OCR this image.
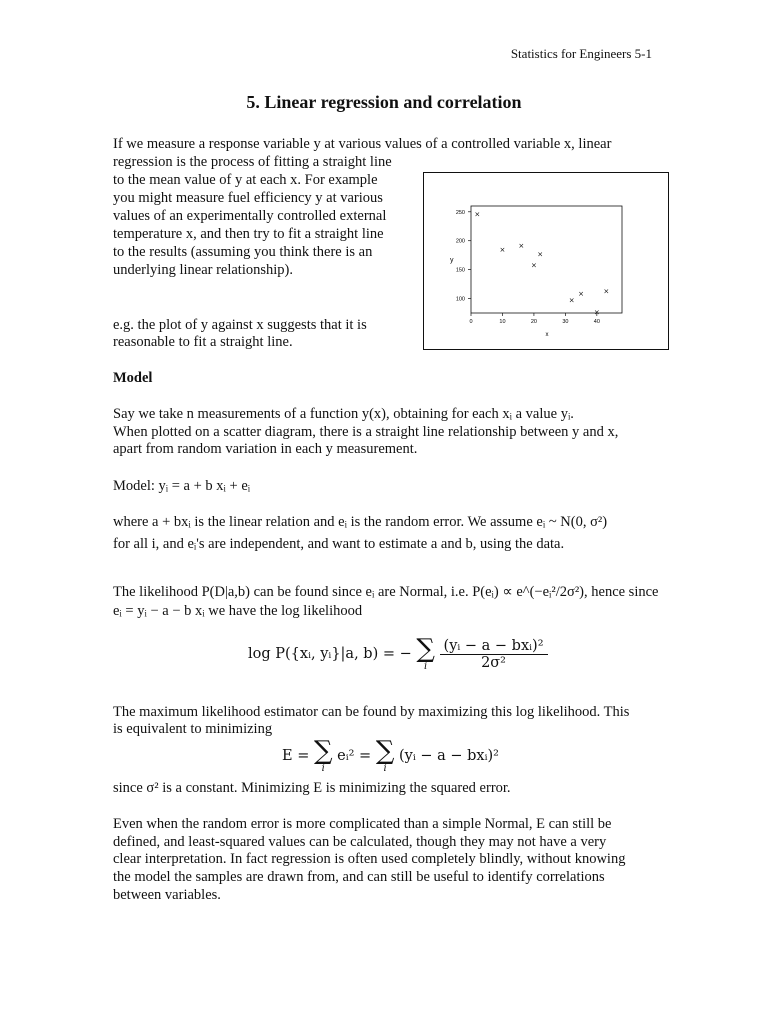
Statistics for Engineers 5-1
5. Linear regression and correlation
If we measure a response variable y at various values of a controlled variable x, linear
regression is the process of fitting a straight line
to the mean value of y at each x. For example
you might measure fuel efficiency y at various
values of an experimentally controlled external
temperature x, and then try to fit a straight line
to the results (assuming you think there is an
underlying linear relationship).
e.g. the plot of y against x suggests that it is
reasonable to fit a straight line.
0	10	20	30	40
100
150
200
250 ×
×
×
×
×
×
×
×
×
y
x
Model
Say we take n measurements of a function y(x), obtaining for each xᵢ a value yᵢ.
When plotted on a scatter diagram, there is a straight line relationship between y and x,
apart from random variation in each y measurement.
Model: yᵢ = a + b xᵢ + eᵢ
where a + bxᵢ is the linear relation and eᵢ is the random error. We assume eᵢ ~ N(0, σ²)
for all i, and eᵢ's are independent, and want to estimate a and b, using the data.
The likelihood P(D|a,b) can be found since eᵢ are Normal, i.e. P(eᵢ) ∝ e^(−eᵢ²/2σ²), hence since
eᵢ = yᵢ − a − b xᵢ we have the log likelihood
log P({xᵢ, yᵢ}|a, b) = − ∑
i
$\frac{\text{(yᵢ − a − bxᵢ)²}}{\text{2σ²}}$
The maximum likelihood estimator can be found by maximizing this log likelihood. This
is equivalent to minimizing
E = ∑
i
eᵢ² = ∑
i
(yᵢ − a − bxᵢ)²
since σ² is a constant. Minimizing E is minimizing the squared error.
Even when the random error is more complicated than a simple Normal, E can still be
defined, and least-squared values can be calculated, though they may not have a very
clear interpretation. In fact regression is often used completely blindly, without knowing
the model the samples are drawn from, and can still be useful to identify correlations
between variables.
